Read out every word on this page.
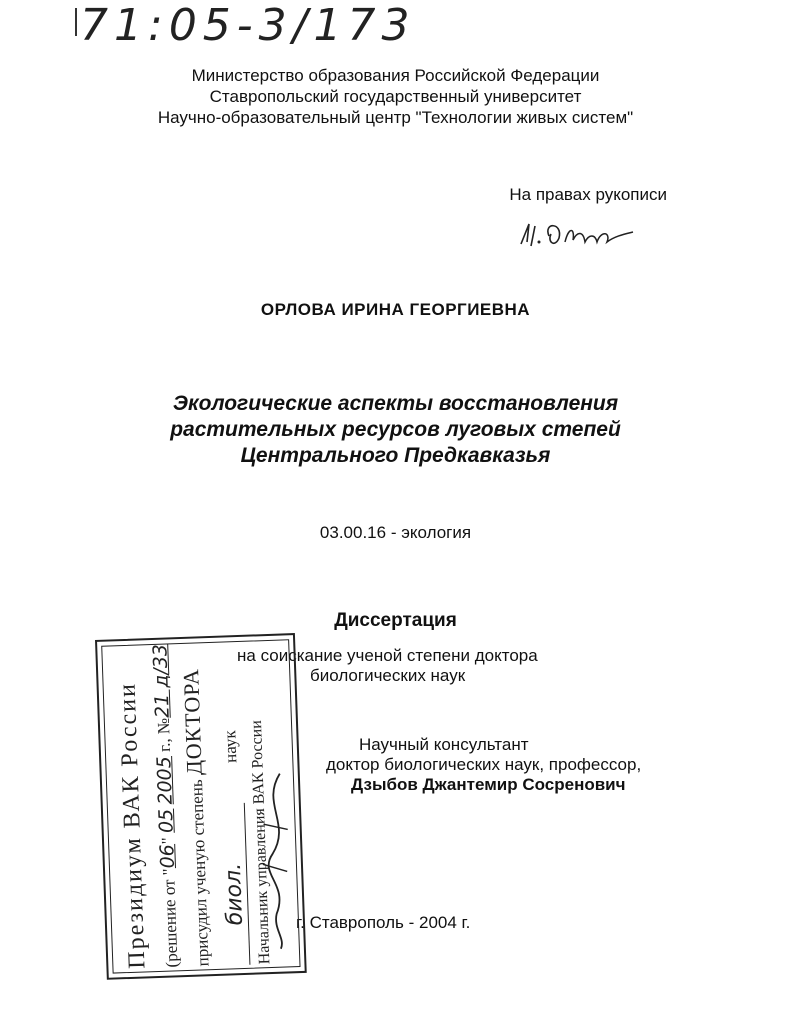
71:05-3/173
Министерство образования Российской Федерации
Ставропольский государственный университет
Научно-образовательный центр "Технологии живых систем"
На правах рукописи
ОРЛОВА ИРИНА ГЕОРГИЕВНА
Экологические аспекты восстановления
растительных ресурсов луговых степей
Центрального Предкавказья
03.00.16 - экология
Диссертация
на соискание ученой степени доктора
биологических наук
Научный консультант
доктор биологических наук, профессор,
Дзыбов Джантемир Сосренович
г. Ставрополь - 2004 г.
Президиум ВАК России (решение от "06" 05 2005 г., №21 д/33
присудил ученую степень ДОКТОРА
биол.наук Начальник управления ВАК России
